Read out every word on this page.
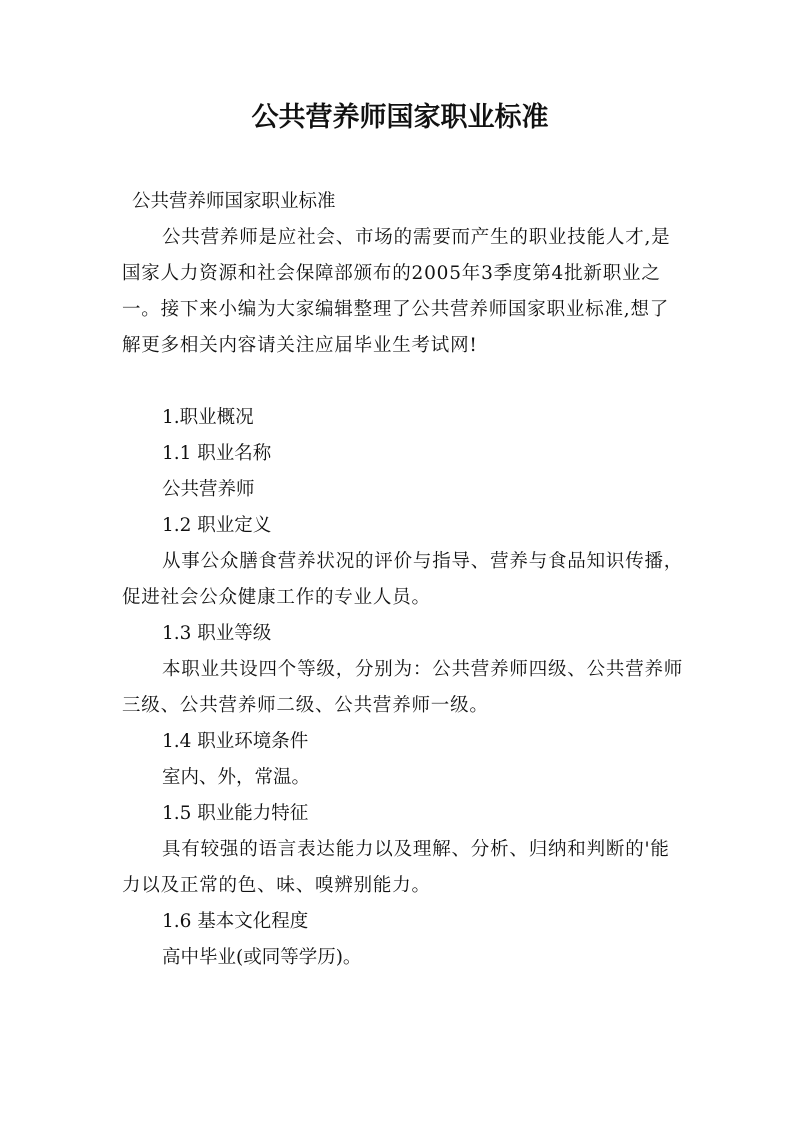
公共营养师国家职业标准

公共营养师国家职业标准

公共营养师是应社会、市场的需要而产生的职业技能人才,是国家人力资源和社会保障部颁布的2005年3季度第4批新职业之一。接下来小编为大家编辑整理了公共营养师国家职业标准,想了解更多相关内容请关注应届毕业生考试网!

1.职业概况

1.1 职业名称

公共营养师

1.2 职业定义

从事公众膳食营养状况的评价与指导、营养与食品知识传播，促进社会公众健康工作的专业人员。

1.3 职业等级

本职业共设四个等级，分别为：公共营养师四级、公共营养师三级、公共营养师二级、公共营养师一级。

1.4 职业环境条件

室内、外，常温。

1.5 职业能力特征

具有较强的语言表达能力以及理解、分析、归纳和判断的'能力以及正常的色、味、嗅辨别能力。

1.6 基本文化程度

高中毕业(或同等学历)。
